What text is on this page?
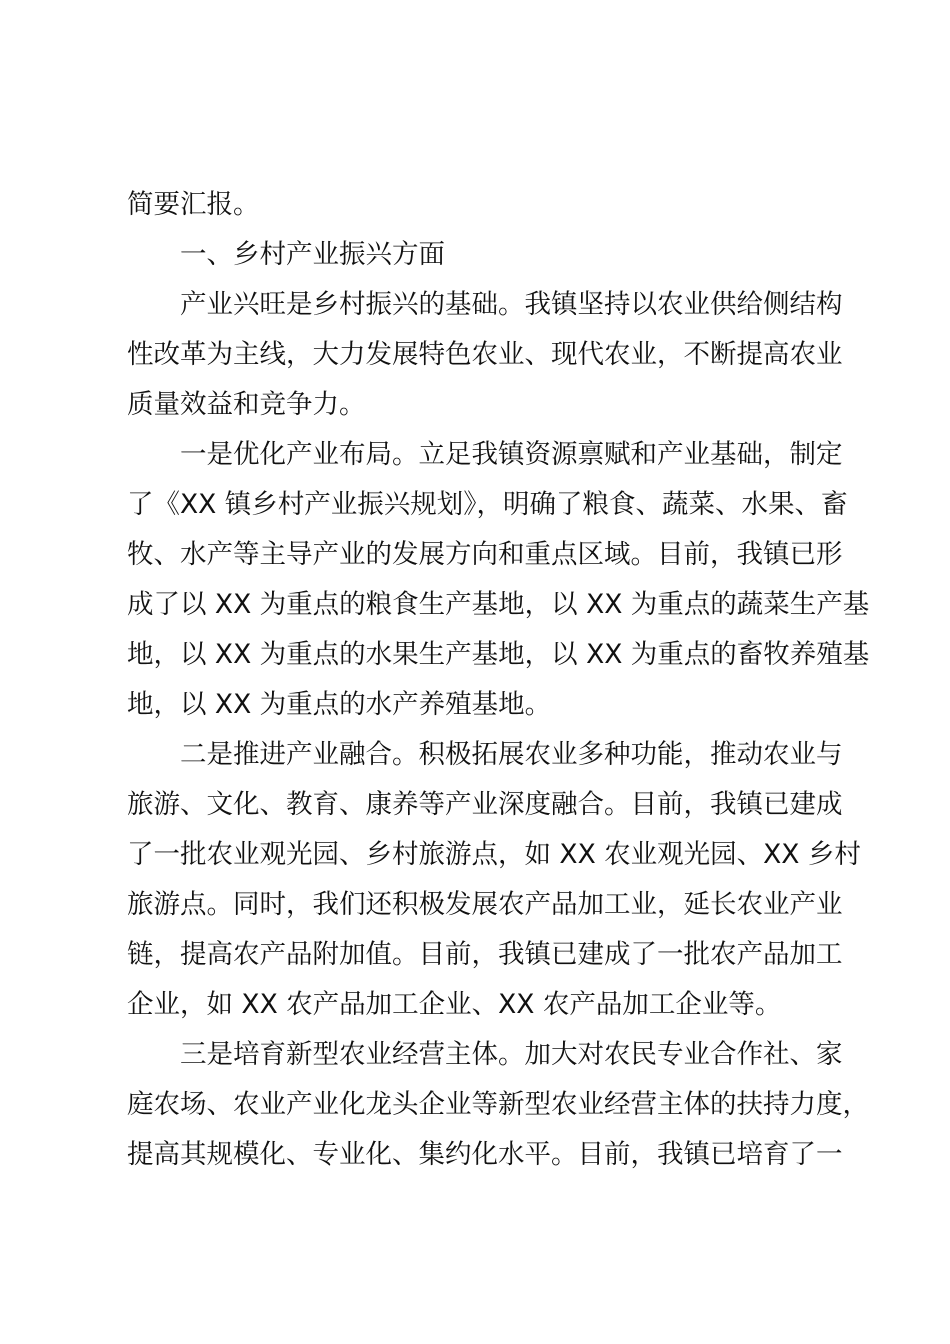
简要汇报。
一、乡村产业振兴方面
产业兴旺是乡村振兴的基础。我镇坚持以农业供给侧结构
性改革为主线，大力发展特色农业、现代农业，不断提高农业
质量效益和竞争力。
一是优化产业布局。立足我镇资源禀赋和产业基础，制定
了《XX 镇乡村产业振兴规划》，明确了粮食、蔬菜、水果、畜
牧、水产等主导产业的发展方向和重点区域。目前，我镇已形
成了以 XX 为重点的粮食生产基地，以 XX 为重点的蔬菜生产基
地，以 XX 为重点的水果生产基地，以 XX 为重点的畜牧养殖基
地，以 XX 为重点的水产养殖基地。
二是推进产业融合。积极拓展农业多种功能，推动农业与
旅游、文化、教育、康养等产业深度融合。目前，我镇已建成
了一批农业观光园、乡村旅游点，如 XX 农业观光园、XX 乡村
旅游点。同时，我们还积极发展农产品加工业，延长农业产业
链，提高农产品附加值。目前，我镇已建成了一批农产品加工
企业，如 XX 农产品加工企业、XX 农产品加工企业等。
三是培育新型农业经营主体。加大对农民专业合作社、家
庭农场、农业产业化龙头企业等新型农业经营主体的扶持力度，
提高其规模化、专业化、集约化水平。目前，我镇已培育了一
